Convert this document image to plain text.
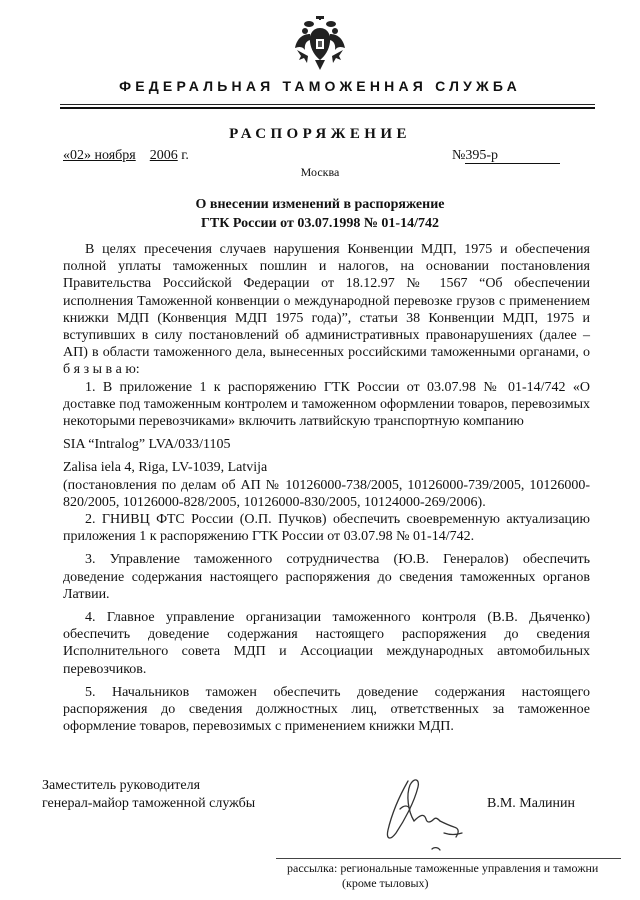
ФЕДЕРАЛЬНАЯ ТАМОЖЕННАЯ СЛУЖБА
РАСПОРЯЖЕНИЕ
«02» ноября 2006 г.	№395-р
Москва
О внесении изменений в распоряжение
ГТК России от 03.07.1998 № 01-14/742

В целях пресечения случаев нарушения Конвенции МДП, 1975 и обеспечения полной уплаты таможенных пошлин и налогов, на основании постановления Правительства Российской Федерации от 18.12.97 № 1567 “Об обеспечении исполнения Таможенной конвенции о международной перевозке грузов с применением книжки МДП (Конвенция МДП 1975 года)”, статьи 38 Конвенции МДП, 1975 и вступивших в силу постановлений об административных правонарушениях (далее – АП) в области таможенного дела, вынесенных российскими таможенными органами, о б я з ы в а ю:

1. В приложение 1 к распоряжению ГТК России от 03.07.98 № 01-14/742 «О доставке под таможенным контролем и таможенном оформлении товаров, перевозимых некоторыми перевозчиками» включить латвийскую транспортную компанию

SIA “Intralog” LVA/033/1105

Zalisa iela 4, Riga, LV-1039, Latvija

(постановления по делам об АП № 10126000-738/2005, 10126000-739/2005, 10126000-820/2005, 10126000-828/2005, 10126000-830/2005, 10124000-269/2006).

2. ГНИВЦ ФТС России (О.П. Пучков) обеспечить своевременную актуализацию приложения 1 к распоряжению ГТК России от 03.07.98 № 01-14/742.

3. Управление таможенного сотрудничества (Ю.В. Генералов) обеспечить доведение содержания настоящего распоряжения до сведения таможенных органов Латвии.

4. Главное управление организации таможенного контроля (В.В. Дьяченко) обеспечить доведение содержания настоящего распоряжения до сведения Исполнительного совета МДП и Ассоциации международных автомобильных перевозчиков.

5. Начальников таможен обеспечить доведение содержания настоящего распоряжения до сведения должностных лиц, ответственных за таможенное оформление товаров, перевозимых с применением книжки МДП.

Заместитель руководителя
генерал-майор таможенной службы	В.М. Малинин
рассылка: региональные таможенные управления и таможни
(кроме тыловых)
